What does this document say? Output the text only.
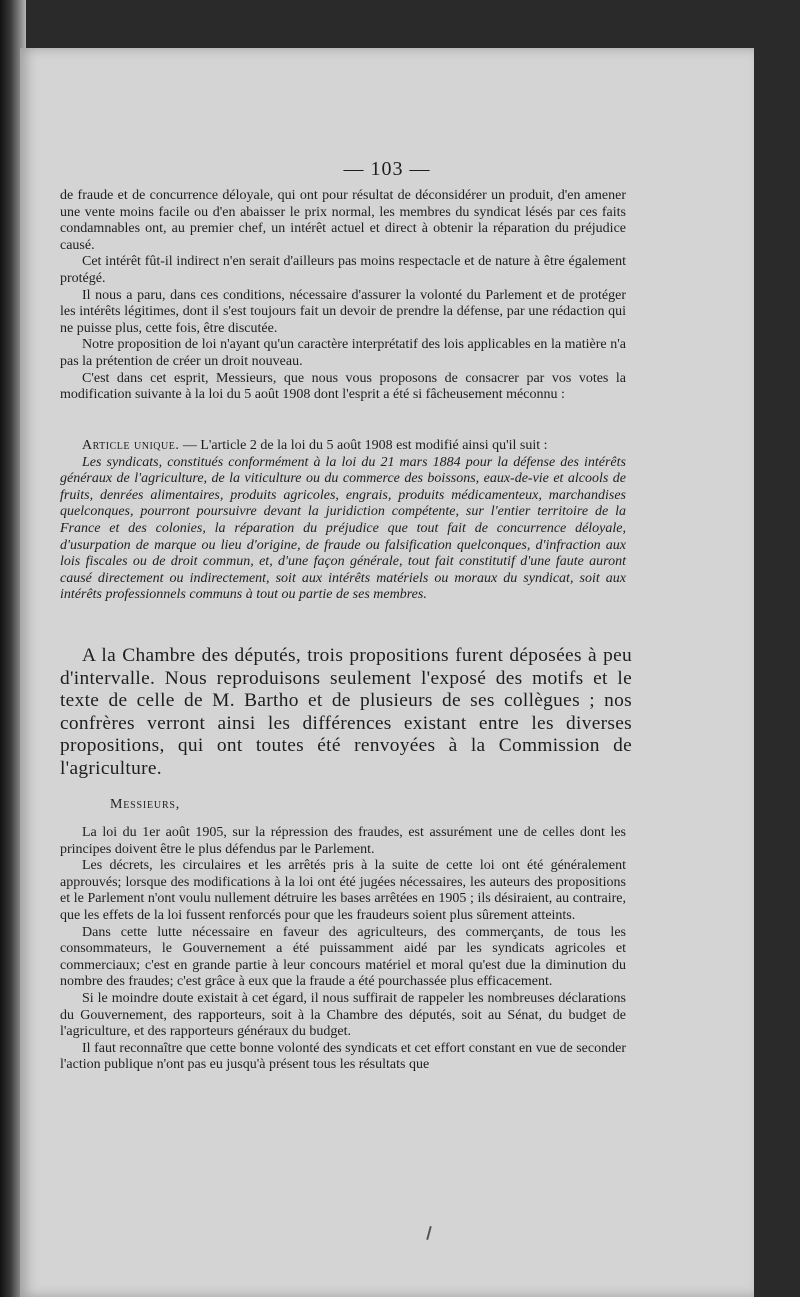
— 103 —

de fraude et de concurrence déloyale, qui ont pour résultat de déconsidérer un produit, d'en amener une vente moins facile ou d'en abaisser le prix normal, les membres du syndicat lésés par ces faits condamnables ont, au premier chef, un intérêt actuel et direct à obtenir la réparation du préjudice causé.

Cet intérêt fût-il indirect n'en serait d'ailleurs pas moins respectacle et de nature à être également protégé.

Il nous a paru, dans ces conditions, nécessaire d'assurer la volonté du Parlement et de protéger les intérêts légitimes, dont il s'est toujours fait un devoir de prendre la défense, par une rédaction qui ne puisse plus, cette fois, être discutée.

Notre proposition de loi n'ayant qu'un caractère interprétatif des lois applicables en la matière n'a pas la prétention de créer un droit nouveau.

C'est dans cet esprit, Messieurs, que nous vous proposons de consacrer par vos votes la modification suivante à la loi du 5 août 1908 dont l'esprit a été si fâcheusement méconnu :

Article unique. — L'article 2 de la loi du 5 août 1908 est modifié ainsi qu'il suit :

Les syndicats, constitués conformément à la loi du 21 mars 1884 pour la défense des intérêts généraux de l'agriculture, de la viticulture ou du commerce des boissons, eaux-de-vie et alcools de fruits, denrées alimentaires, produits agricoles, engrais, produits médicamenteux, marchandises quelconques, pourront poursuivre devant la juridiction compétente, sur l'entier territoire de la France et des colonies, la réparation du préjudice que tout fait de concurrence déloyale, d'usurpation de marque ou lieu d'origine, de fraude ou falsification quelconques, d'infraction aux lois fiscales ou de droit commun, et, d'une façon générale, tout fait constitutif d'une faute auront causé directement ou indirectement, soit aux intérêts matériels ou moraux du syndicat, soit aux intérêts professionnels communs à tout ou partie de ses membres.

A la Chambre des députés, trois propositions furent déposées à peu d'intervalle. Nous reproduisons seulement l'exposé des motifs et le texte de celle de M. Bartho et de plusieurs de ses collègues ; nos confrères verront ainsi les différences existant entre les diverses propositions, qui ont toutes été renvoyées à la Commission de l'agriculture.

Messieurs,

La loi du 1er août 1905, sur la répression des fraudes, est assurément une de celles dont les principes doivent être le plus défendus par le Parlement.

Les décrets, les circulaires et les arrêtés pris à la suite de cette loi ont été généralement approuvés; lorsque des modifications à la loi ont été jugées nécessaires, les auteurs des propositions et le Parlement n'ont voulu nullement détruire les bases arrêtées en 1905 ; ils désiraient, au contraire, que les effets de la loi fussent renforcés pour que les fraudeurs soient plus sûrement atteints.

Dans cette lutte nécessaire en faveur des agriculteurs, des commerçants, de tous les consommateurs, le Gouvernement a été puissamment aidé par les syndicats agricoles et commerciaux; c'est en grande partie à leur concours matériel et moral qu'est due la diminution du nombre des fraudes; c'est grâce à eux que la fraude a été pourchassée plus efficacement.

Si le moindre doute existait à cet égard, il nous suffirait de rappeler les nombreuses déclarations du Gouvernement, des rapporteurs, soit à la Chambre des députés, soit au Sénat, du budget de l'agriculture, et des rapporteurs généraux du budget.

Il faut reconnaître que cette bonne volonté des syndicats et cet effort constant en vue de seconder l'action publique n'ont pas eu jusqu'à présent tous les résultats que
